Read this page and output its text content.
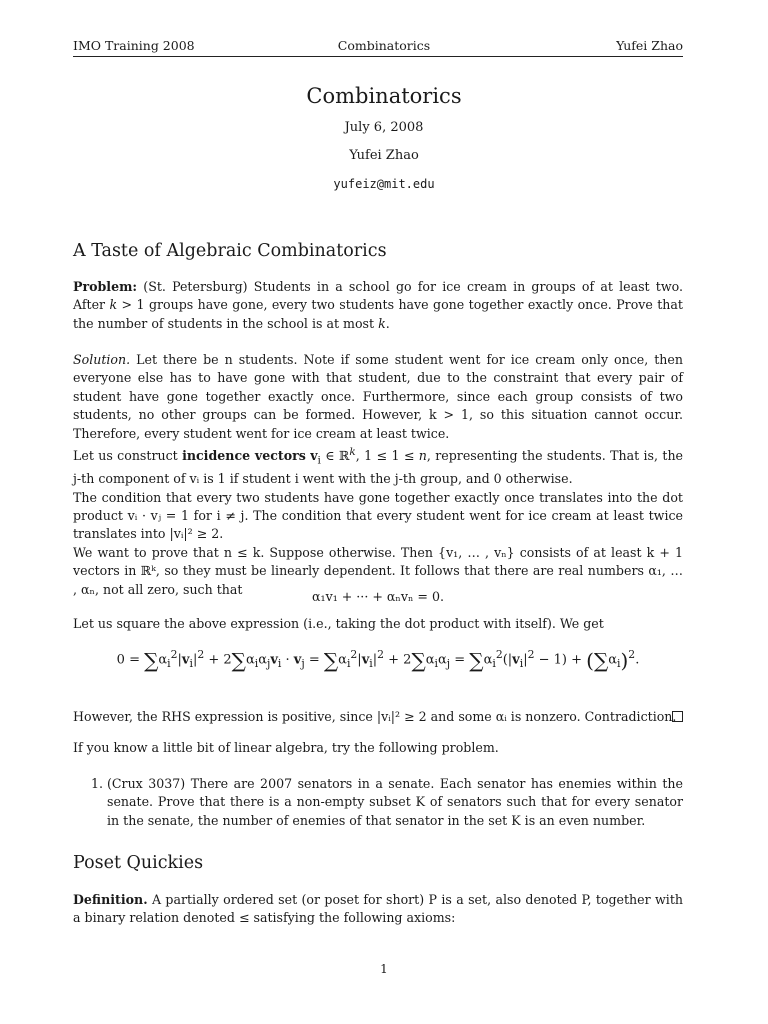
IMO Training 2008	Combinatorics	Yufei Zhao
Combinatorics
July 6, 2008
Yufei Zhao
yufeiz@mit.edu
A Taste of Algebraic Combinatorics

Problem: (St. Petersburg) Students in a school go for ice cream in groups of at least two. After k > 1 groups have gone, every two students have gone together exactly once. Prove that the number of students in the school is at most k.

Solution. Let there be n students. Note if some student went for ice cream only once, then everyone else has to have gone with that student, due to the constraint that every pair of student have gone together exactly once. Furthermore, since each group consists of two students, no other groups can be formed. However, k > 1, so this situation cannot occur. Therefore, every student went for ice cream at least twice.

Let us construct incidence vectors $v_i$ ∈ ℝ$^k$, 1 ≤ 1 ≤ n, representing the students. That is, the j-th component of vᵢ is 1 if student i went with the j-th group, and 0 otherwise.

The condition that every two students have gone together exactly once translates into the dot product vᵢ · vⱼ = 1 for i ≠ j. The condition that every student went for ice cream at least twice translates into |vᵢ|² ≥ 2.

We want to prove that n ≤ k. Suppose otherwise. Then {v₁, … , vₙ} consists of at least k + 1 vectors in ℝᵏ, so they must be linearly dependent. It follows that there are real numbers α₁, … , αₙ, not all zero, such that	α₁v₁ + ··· + αₙvₙ = 0.
Let us square the above expression (i.e., taking the dot product with itself). We get
$0 = \sum\alpha_i^2|v_i|^2 + 2\sum\alpha_i\alpha_jv_i \cdot v_j = \sum\alpha_i^2|v_i|^2 + 2\sum\alpha_i\alpha_j = \sum\alpha_i^2(|v_i|^2 - 1) + (\sum\alpha_i)^2$.
However, the RHS expression is positive, since |vᵢ|² ≥ 2 and some αᵢ is nonzero. Contradiction.
If you know a little bit of linear algebra, try the following problem.
1. (Crux 3037) There are 2007 senators in a senate. Each senator has enemies within the senate. Prove that there is a non-empty subset K of senators such that for every senator in the senate, the number of enemies of that senator in the set K is an even number.
Poset Quickies
Definition. A partially ordered set (or poset for short) P is a set, also denoted P, together with a binary relation denoted ≤ satisfying the following axioms:
1
